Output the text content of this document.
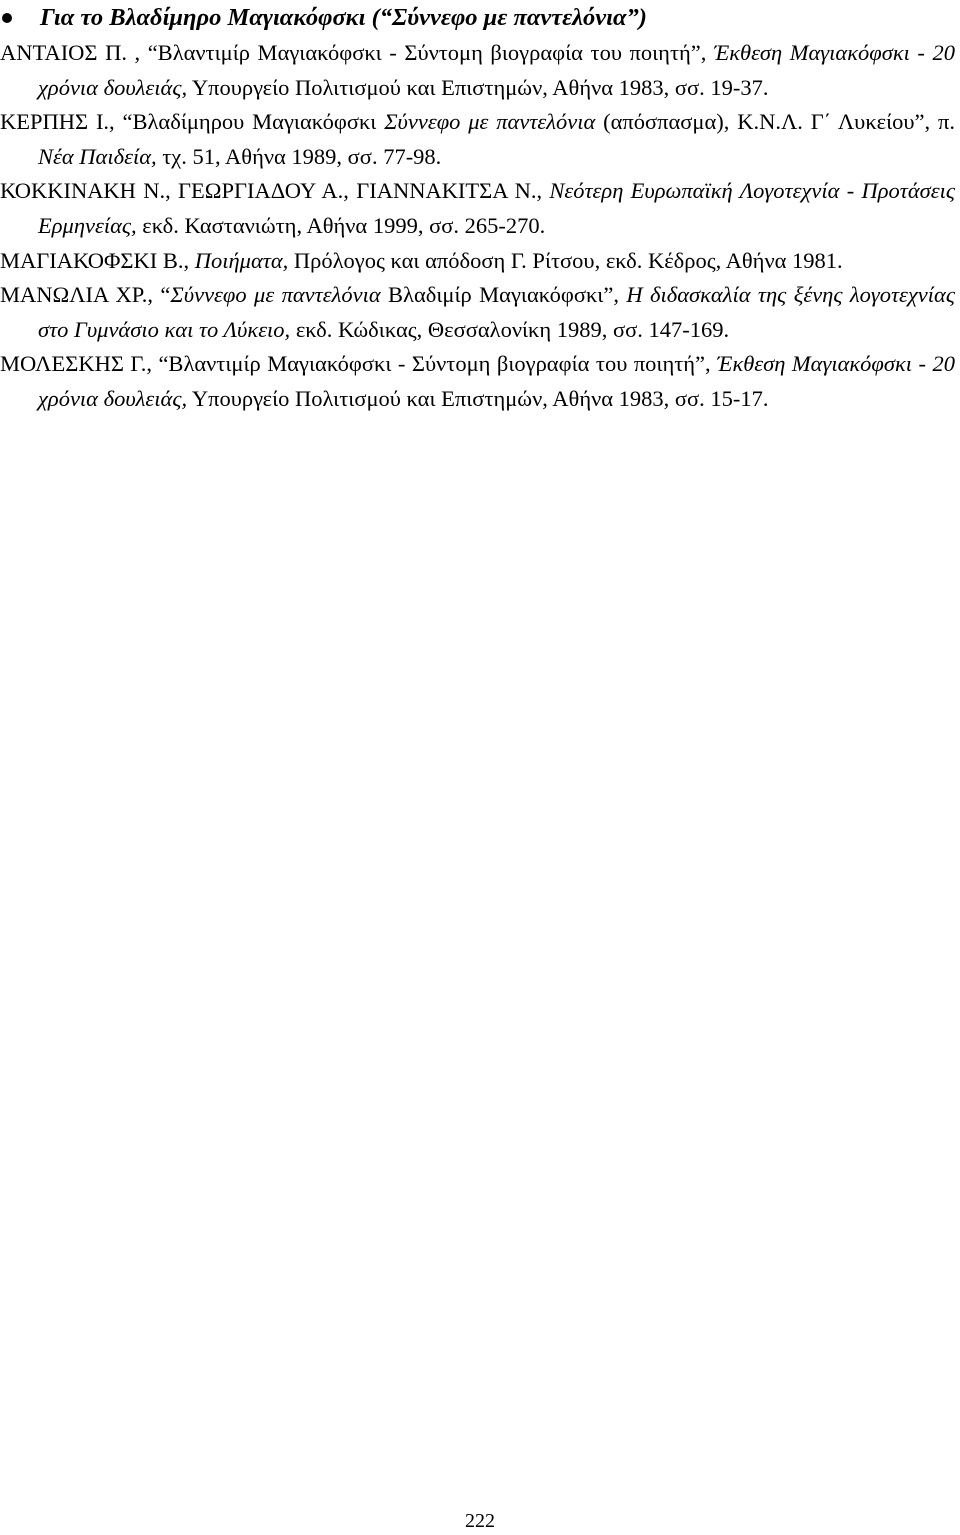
Για το Βλαδίμηρο Μαγιακόφσκι (“Σύννεφο με παντελόνια”)
ΑΝΤΑΙΟΣ Π. , “Βλαντιμίρ Μαγιακόφσκι - Σύντομη βιογραφία του ποιητή”, Έκθεση Μαγιακόφσκι - 20 χρόνια δουλειάς, Υπουργείο Πολιτισμού και Επιστημών, Αθήνα 1983, σσ. 19-37.
ΚΕΡΠΗΣ Ι., “Βλαδίμηρου Μαγιακόφσκι Σύννεφο με παντελόνια (απόσπασμα), Κ.Ν.Λ. Γ΄ Λυκείου”, π. Νέα Παιδεία, τχ. 51, Αθήνα 1989, σσ. 77-98.
ΚΟΚΚΙΝΑΚΗ Ν., ΓΕΩΡΓΙΑΔΟΥ Α., ΓΙΑΝΝΑΚΙΤΣΑ Ν., Νεότερη Ευρωπαϊκή Λογοτεχνία - Προτάσεις Ερμηνείας, εκδ. Καστανιώτη, Αθήνα 1999, σσ. 265-270.
ΜΑΓΙΑΚΟΦΣΚΙ Β., Ποιήματα, Πρόλογος και απόδοση Γ. Ρίτσου, εκδ. Κέδρος, Αθήνα 1981.
ΜΑΝΩΛΙΑ ΧΡ., “Σύννεφο με παντελόνια Βλαδιμίρ Μαγιακόφσκι”, Η διδασκαλία της ξένης λογοτεχνίας στο Γυμνάσιο και το Λύκειο, εκδ. Κώδικας, Θεσσαλονίκη 1989, σσ. 147-169.
ΜΟΛΕΣΚΗΣ Γ., “Βλαντιμίρ Μαγιακόφσκι - Σύντομη βιογραφία του ποιητή”, Έκθεση Μαγιακόφσκι - 20 χρόνια δουλειάς, Υπουργείο Πολιτισμού και Επιστημών, Αθήνα 1983, σσ. 15-17.
222
